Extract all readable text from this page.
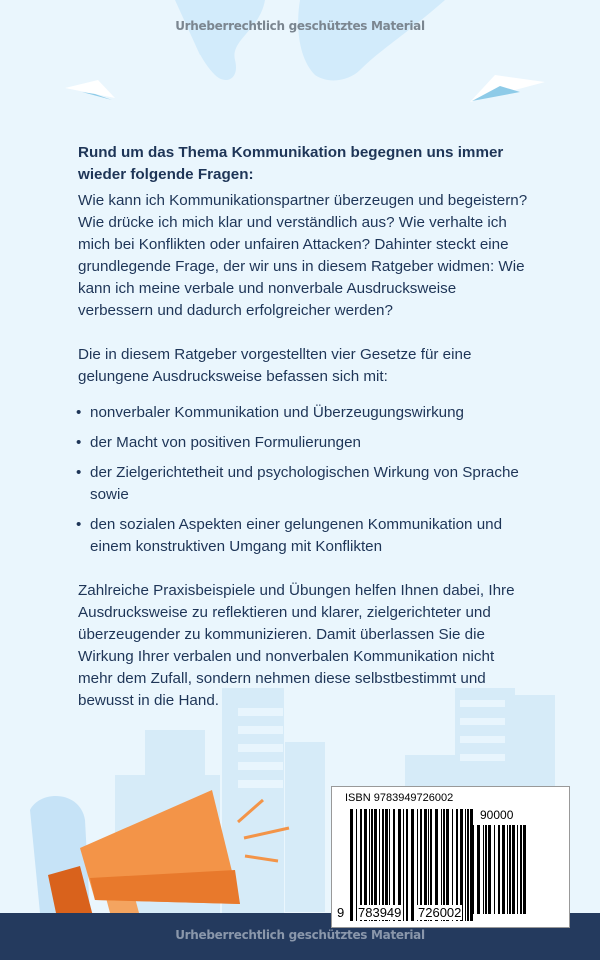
Urheberrechtlich geschütztes Material
Rund um das Thema Kommunikation begegnen uns immer wieder folgende Fragen:

Wie kann ich Kommunikationspartner überzeugen und begeistern? Wie drücke ich mich klar und verständlich aus? Wie verhalte ich mich bei Konflikten oder unfairen Attacken? Dahinter steckt eine grundlegende Frage, der wir uns in diesem Ratgeber widmen: Wie kann ich meine verbale und nonverbale Ausdrucksweise verbessern und dadurch erfolgreicher werden?

Die in diesem Ratgeber vorgestellten vier Gesetze für eine gelungene Ausdrucksweise befassen sich mit:

• nonverbaler Kommunikation und Überzeugungswirkung
• der Macht von positiven Formulierungen
• der Zielgerichtetheit und psychologischen Wirkung von Sprache sowie
• den sozialen Aspekten einer gelungenen Kommunikation und einem konstruktiven Umgang mit Konflikten

Zahlreiche Praxisbeispiele und Übungen helfen Ihnen dabei, Ihre Ausdrucksweise zu reflektieren und klarer, zielgerichteter und überzeugender zu kommunizieren. Damit überlassen Sie die Wirkung Ihrer verbalen und nonverbalen Kommunikation nicht mehr dem Zufall, sondern nehmen diese selbstbestimmt und bewusst in die Hand.

Urheberrechtlich geschütztes Material
ISBN 9783949726002
90000
9 783949 726002
